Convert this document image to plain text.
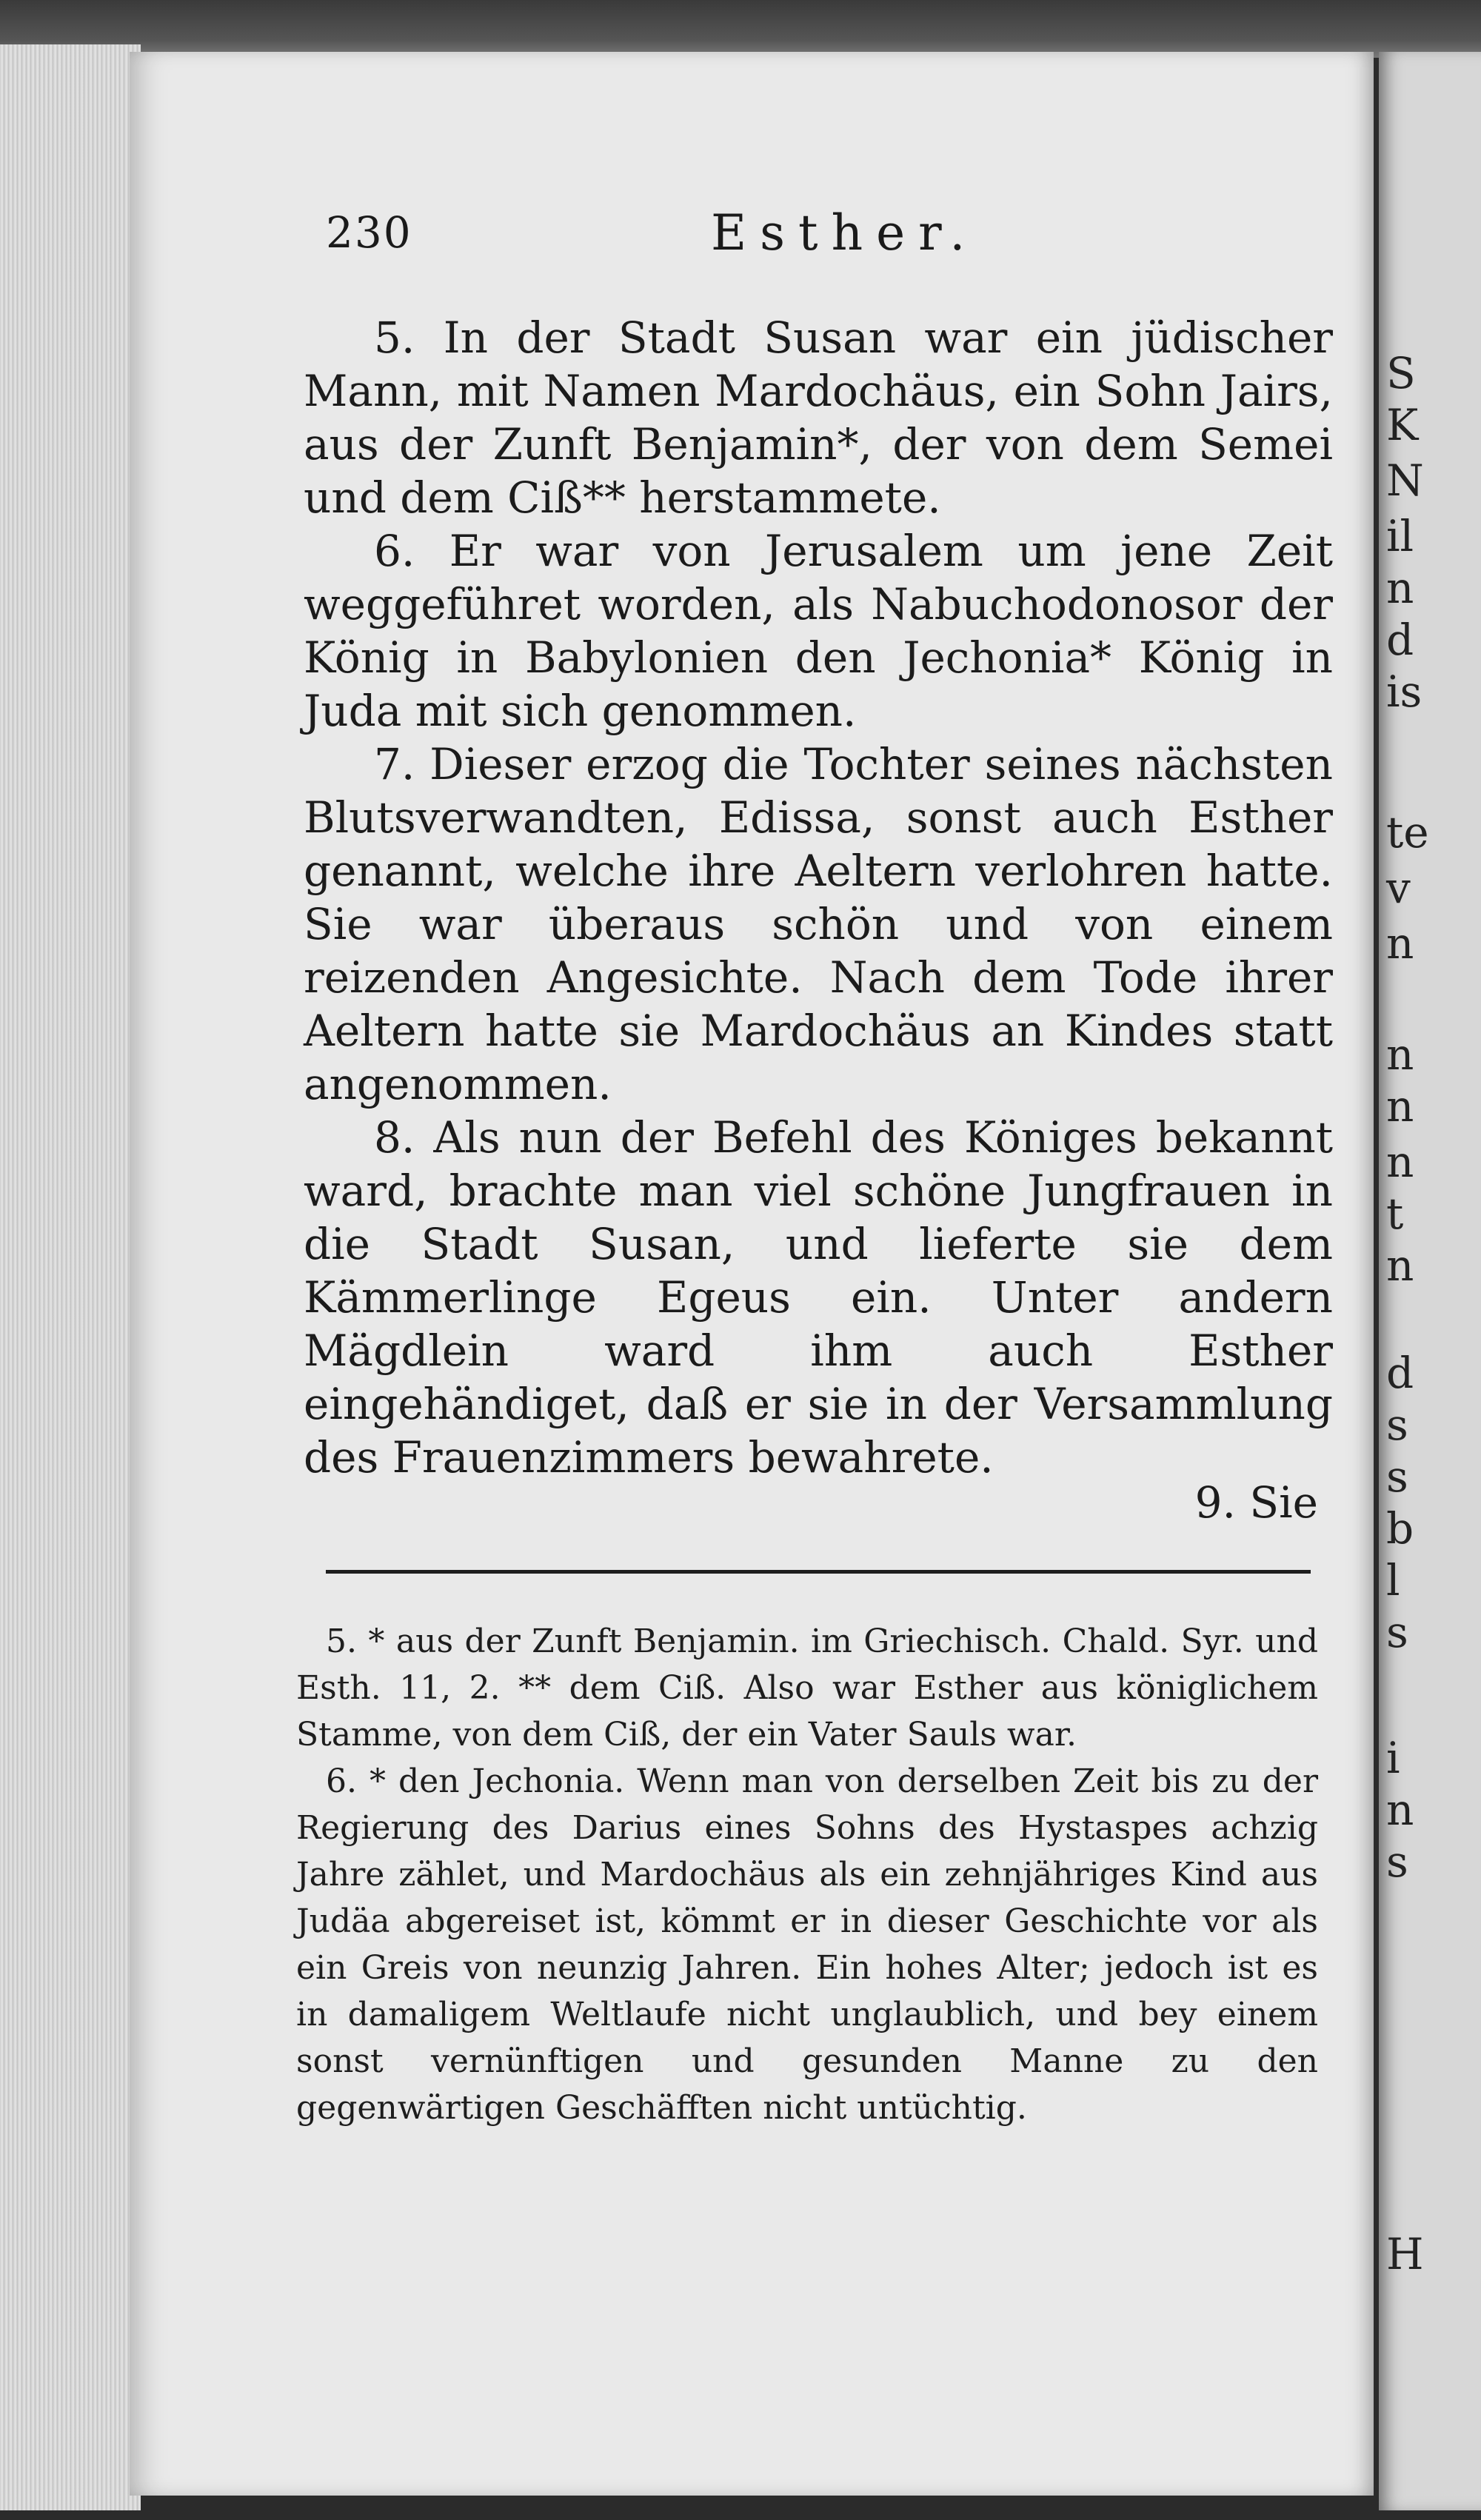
S
K
N
il
n
d
is
te
v
n
n
n
n
t
n
d
s
s
b
l
s
i
n
s
H
230	Esther.

5. In der Stadt Susan war ein jüdischer Mann, mit Namen Mardochäus, ein Sohn Jairs, aus der Zunft Benjamin*, der von dem Semei und dem Ciß** herstammete.

6. Er war von Jerusalem um jene Zeit weggeführet worden, als Nabuchodonosor der König in Babylonien den Jechonia* König in Juda mit sich genommen.

7. Dieser erzog die Tochter seines nächsten Blutsverwandten, Edissa, sonst auch Esther genannt, welche ihre Aeltern verlohren hatte. Sie war überaus schön und von einem reizenden Angesichte. Nach dem Tode ihrer Aeltern hatte sie Mardochäus an Kindes statt angenommen.

8. Als nun der Befehl des Königes bekannt ward, brachte man viel schöne Jungfrauen in die Stadt Susan, und lieferte sie dem Kämmerlinge Egeus ein. Unter andern Mägdlein ward ihm auch Esther eingehändiget, daß er sie in der Versammlung des Frauenzimmers bewahrete.

9. Sie

5. * aus der Zunft Benjamin. im Griechisch. Chald. Syr. und Esth. 11, 2. ** dem Ciß. Also war Esther aus königlichem Stamme, von dem Ciß, der ein Vater Sauls war.

6. * den Jechonia. Wenn man von derselben Zeit bis zu der Regierung des Darius eines Sohns des Hystaspes achzig Jahre zählet, und Mardochäus als ein zehnjähriges Kind aus Judäa abgereiset ist, kömmt er in dieser Geschichte vor als ein Greis von neunzig Jahren. Ein hohes Alter; jedoch ist es in damaligem Weltlaufe nicht unglaublich, und bey einem sonst vernünftigen und gesunden Manne zu den gegenwärtigen Geschäfften nicht untüchtig.
